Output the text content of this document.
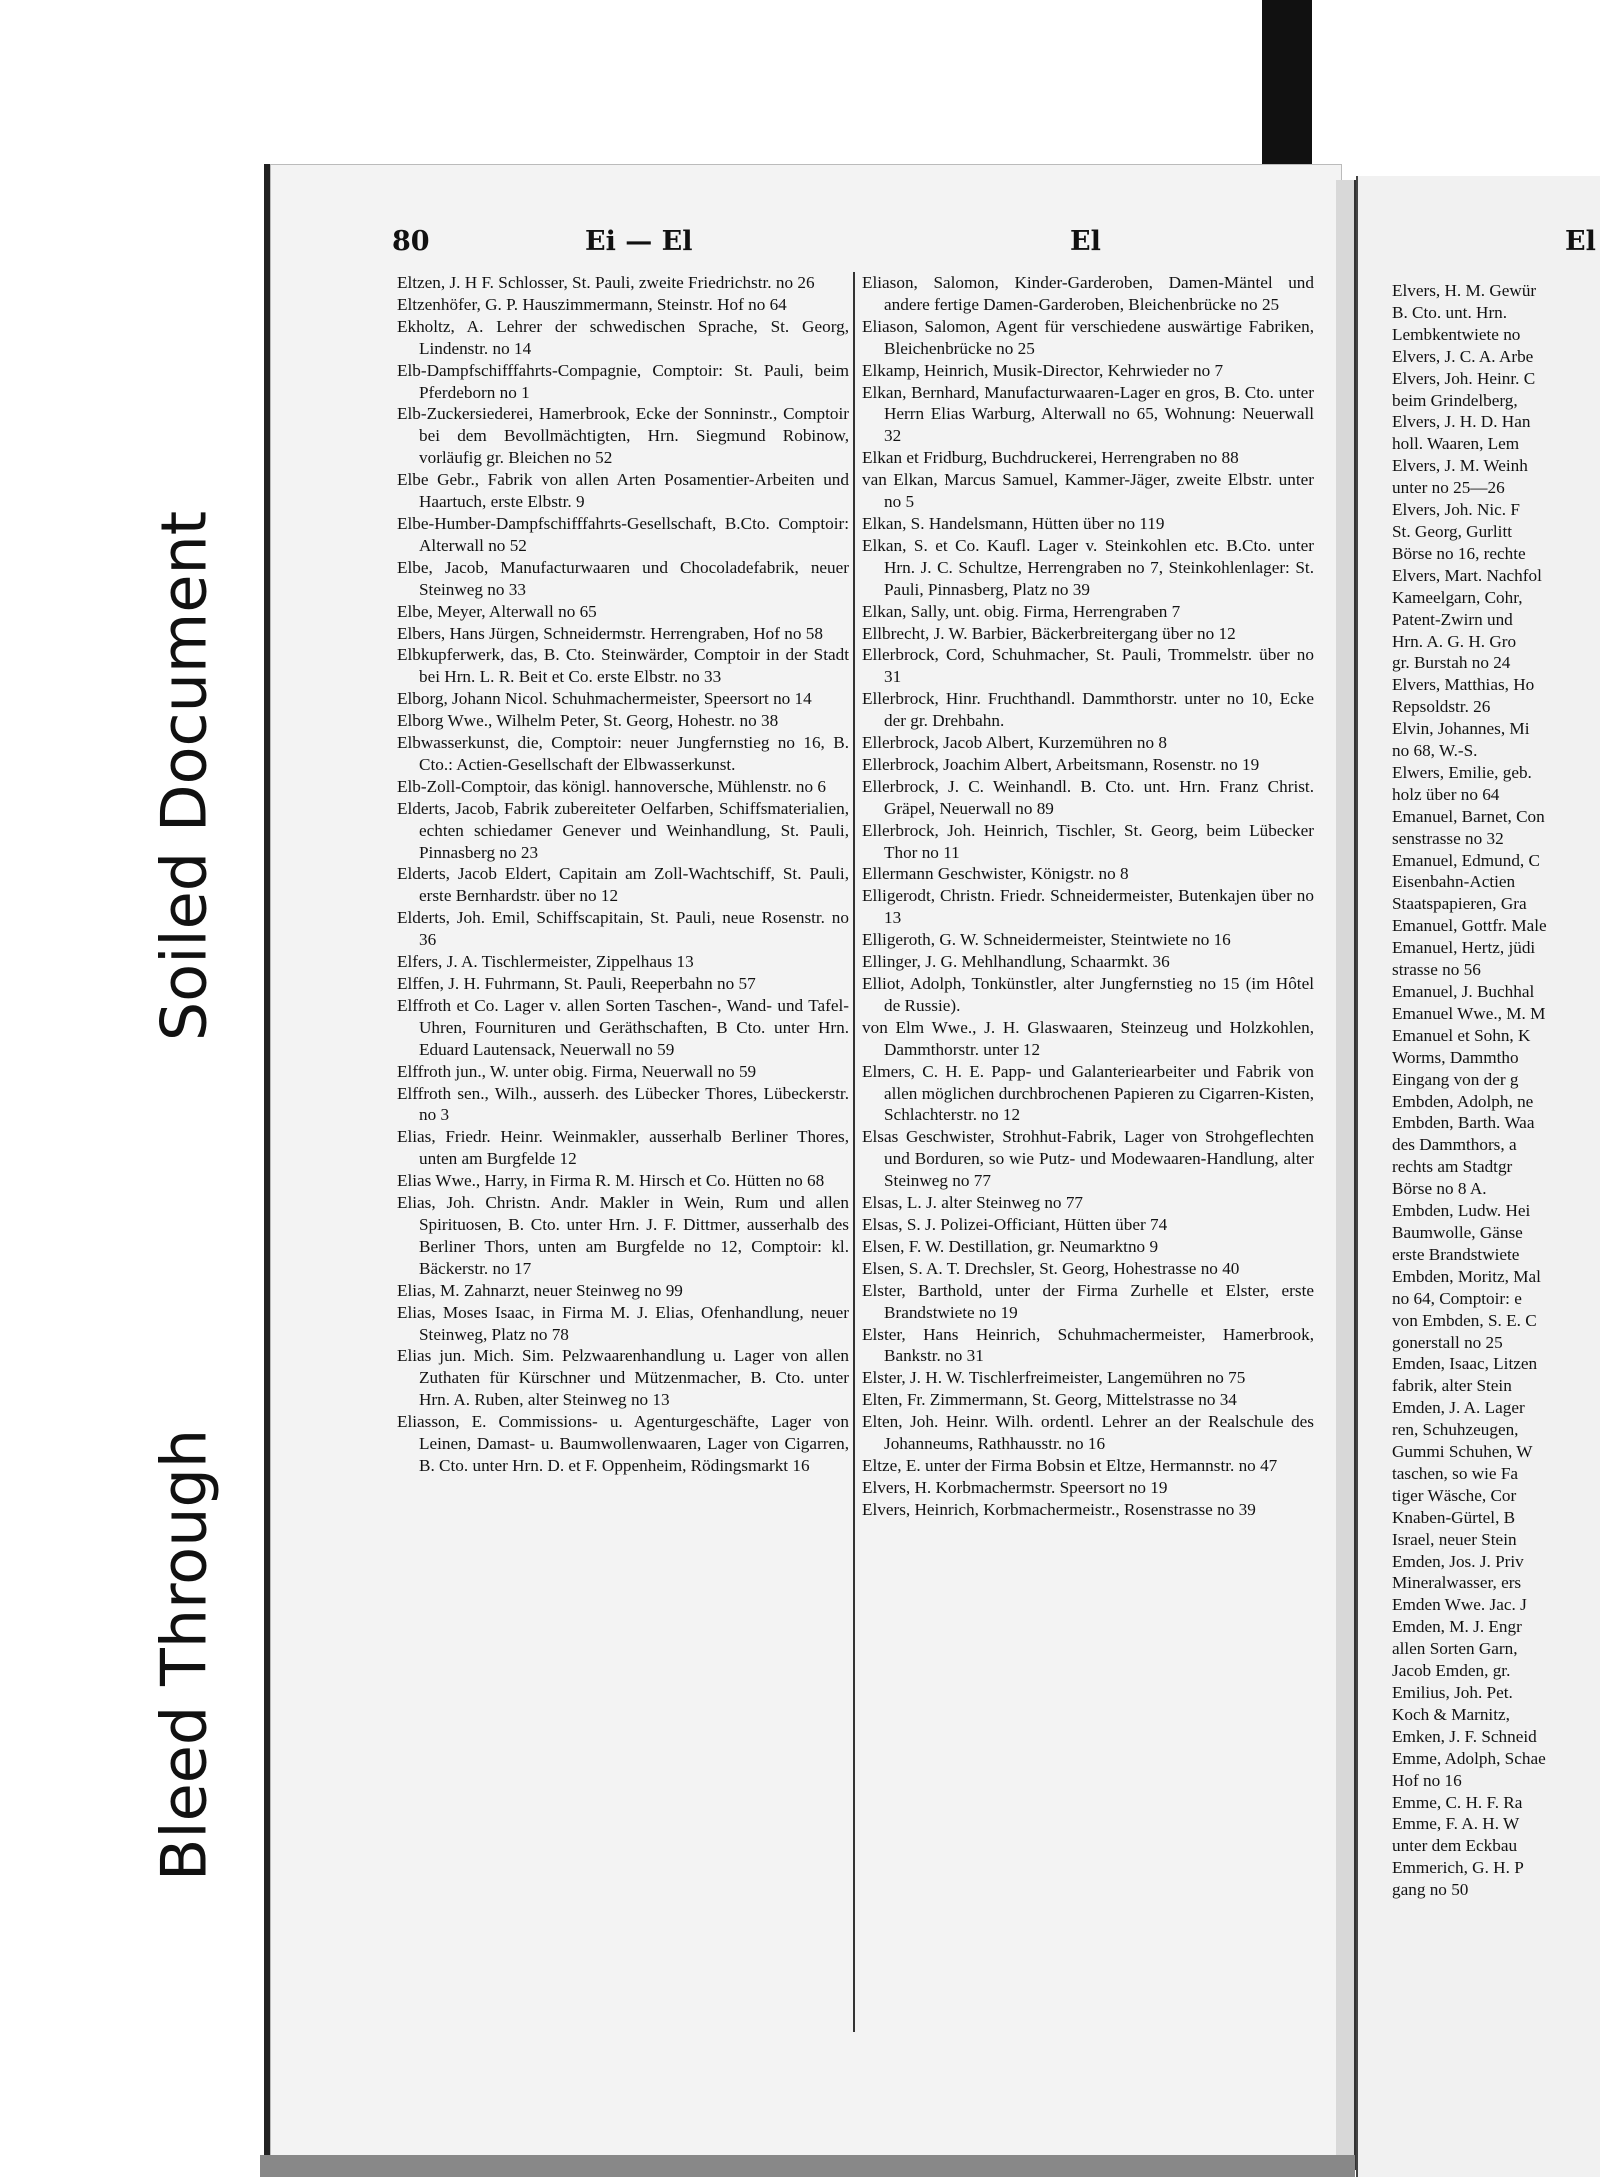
Soiled Document
Bleed Through
80	Ei — El	El	El
Eltzen, J. H F. Schlosser, St. Pauli, zweite Friedrichstr. no 26
Eltzenhöfer, G. P. Hauszimmermann, Steinstr. Hof no 64
Ekholtz, A. Lehrer der schwedischen Sprache, St. Georg, Lindenstr. no 14
Elb-Dampfschifffahrts-Compagnie, Comptoir: St. Pauli, beim Pferdeborn no 1
Elb-Zuckersiederei, Hamerbrook, Ecke der Sonninstr., Comptoir bei dem Bevollmächtigten, Hrn. Siegmund Robinow, vorläufig gr. Bleichen no 52
Elbe Gebr., Fabrik von allen Arten Posamentier-Arbeiten und Haartuch, erste Elbstr. 9
Elbe-Humber-Dampfschifffahrts-Gesellschaft, B.Cto. Comptoir: Alterwall no 52
Elbe, Jacob, Manufacturwaaren und Chocoladefabrik, neuer Steinweg no 33
Elbe, Meyer, Alterwall no 65
Elbers, Hans Jürgen, Schneidermstr. Herrengraben, Hof no 58
Elbkupferwerk, das, B. Cto. Steinwärder, Comptoir in der Stadt bei Hrn. L. R. Beit et Co. erste Elbstr. no 33
Elborg, Johann Nicol. Schuhmachermeister, Speersort no 14
Elborg Wwe., Wilhelm Peter, St. Georg, Hohestr. no 38
Elbwasserkunst, die, Comptoir: neuer Jungfernstieg no 16, B. Cto.: Actien-Gesellschaft der Elbwasserkunst.
Elb-Zoll-Comptoir, das königl. hannoversche, Mühlenstr. no 6
Elderts, Jacob, Fabrik zubereiteter Oelfarben, Schiffsmaterialien, echten schiedamer Genever und Weinhandlung, St. Pauli, Pinnasberg no 23
Elderts, Jacob Eldert, Capitain am Zoll-Wachtschiff, St. Pauli, erste Bernhardstr. über no 12
Elderts, Joh. Emil, Schiffscapitain, St. Pauli, neue Rosenstr. no 36
Elfers, J. A. Tischlermeister, Zippelhaus 13
Elffen, J. H. Fuhrmann, St. Pauli, Reeperbahn no 57
Elffroth et Co. Lager v. allen Sorten Taschen-, Wand- und Tafel-Uhren, Fournituren und Geräthschaften, B Cto. unter Hrn. Eduard Lautensack, Neuerwall no 59
Elffroth jun., W. unter obig. Firma, Neuerwall no 59
Elffroth sen., Wilh., ausserh. des Lübecker Thores, Lübeckerstr. no 3
Elias, Friedr. Heinr. Weinmakler, ausserhalb Berliner Thores, unten am Burgfelde 12
Elias Wwe., Harry, in Firma R. M. Hirsch et Co. Hütten no 68
Elias, Joh. Christn. Andr. Makler in Wein, Rum und allen Spirituosen, B. Cto. unter Hrn. J. F. Dittmer, ausserhalb des Berliner Thors, unten am Burgfelde no 12, Comptoir: kl. Bäckerstr. no 17
Elias, M. Zahnarzt, neuer Steinweg no 99
Elias, Moses Isaac, in Firma M. J. Elias, Ofenhandlung, neuer Steinweg, Platz no 78
Elias jun. Mich. Sim. Pelzwaarenhandlung u. Lager von allen Zuthaten für Kürschner und Mützenmacher, B. Cto. unter Hrn. A. Ruben, alter Steinweg no 13
Eliasson, E. Commissions- u. Agenturgeschäfte, Lager von Leinen, Damast- u. Baumwollenwaaren, Lager von Cigarren, B. Cto. unter Hrn. D. et F. Oppenheim, Rödingsmarkt 16
Eliason, Salomon, Kinder-Garderoben, Damen-Mäntel und andere fertige Damen-Garderoben, Bleichenbrücke no 25
Eliason, Salomon, Agent für verschiedene auswärtige Fabriken, Bleichenbrücke no 25
Elkamp, Heinrich, Musik-Director, Kehrwieder no 7
Elkan, Bernhard, Manufacturwaaren-Lager en gros, B. Cto. unter Herrn Elias Warburg, Alterwall no 65, Wohnung: Neuerwall 32
Elkan et Fridburg, Buchdruckerei, Herrengraben no 88
van Elkan, Marcus Samuel, Kammer-Jäger, zweite Elbstr. unter no 5
Elkan, S. Handelsmann, Hütten über no 119
Elkan, S. et Co. Kaufl. Lager v. Steinkohlen etc. B.Cto. unter Hrn. J. C. Schultze, Herrengraben no 7, Steinkohlenlager: St. Pauli, Pinnasberg, Platz no 39
Elkan, Sally, unt. obig. Firma, Herrengraben 7
Ellbrecht, J. W. Barbier, Bäckerbreitergang über no 12
Ellerbrock, Cord, Schuhmacher, St. Pauli, Trommelstr. über no 31
Ellerbrock, Hinr. Fruchthandl. Dammthorstr. unter no 10, Ecke der gr. Drehbahn.
Ellerbrock, Jacob Albert, Kurzemühren no 8
Ellerbrock, Joachim Albert, Arbeitsmann, Rosenstr. no 19
Ellerbrock, J. C. Weinhandl. B. Cto. unt. Hrn. Franz Christ. Gräpel, Neuerwall no 89
Ellerbrock, Joh. Heinrich, Tischler, St. Georg, beim Lübecker Thor no 11
Ellermann Geschwister, Königstr. no 8
Elligerodt, Christn. Friedr. Schneidermeister, Butenkajen über no 13
Elligeroth, G. W. Schneidermeister, Steintwiete no 16
Ellinger, J. G. Mehlhandlung, Schaarmkt. 36
Elliot, Adolph, Tonkünstler, alter Jungfernstieg no 15 (im Hôtel de Russie).
von Elm Wwe., J. H. Glaswaaren, Steinzeug und Holzkohlen, Dammthorstr. unter 12
Elmers, C. H. E. Papp- und Galanteriearbeiter und Fabrik von allen möglichen durchbrochenen Papieren zu Cigarren-Kisten, Schlachterstr. no 12
Elsas Geschwister, Strohhut-Fabrik, Lager von Strohgeflechten und Borduren, so wie Putz- und Modewaaren-Handlung, alter Steinweg no 77
Elsas, L. J. alter Steinweg no 77
Elsas, S. J. Polizei-Officiant, Hütten über 74
Elsen, F. W. Destillation, gr. Neumarktno 9
Elsen, S. A. T. Drechsler, St. Georg, Hohestrasse no 40
Elster, Barthold, unter der Firma Zurhelle et Elster, erste Brandstwiete no 19
Elster, Hans Heinrich, Schuhmachermeister, Hamerbrook, Bankstr. no 31
Elster, J. H. W. Tischlerfreimeister, Langemühren no 75
Elten, Fr. Zimmermann, St. Georg, Mittelstrasse no 34
Elten, Joh. Heinr. Wilh. ordentl. Lehrer an der Realschule des Johanneums, Rathhausstr. no 16
Eltze, E. unter der Firma Bobsin et Eltze, Hermannstr. no 47
Elvers, H. Korbmachermstr. Speersort no 19
Elvers, Heinrich, Korbmachermeistr., Rosenstrasse no 39
Elvers, H. M. Gewür
B. Cto. unt. Hrn.
Lembkentwiete no
Elvers, J. C. A. Arbe
Elvers, Joh. Heinr. C
beim Grindelberg,
Elvers, J. H. D. Han
holl. Waaren, Lem
Elvers, J. M. Weinh
unter no 25—26
Elvers, Joh. Nic. F
St. Georg, Gurlitt
Börse no 16, rechte
Elvers, Mart. Nachfol
Kameelgarn, Cohr,
Patent-Zwirn und
Hrn. A. G. H. Gro
gr. Burstah no 24
Elvers, Matthias, Ho
Repsoldstr. 26
Elvin, Johannes, Mi
no 68, W.-S.
Elwers, Emilie, geb.
holz über no 64
Emanuel, Barnet, Con
senstrasse no 32
Emanuel, Edmund, C
Eisenbahn-Actien
Staatspapieren, Gra
Emanuel, Gottfr. Male
Emanuel, Hertz, jüdi
strasse no 56
Emanuel, J. Buchhal
Emanuel Wwe., M. M
Emanuel et Sohn, K
Worms, Dammtho
Eingang von der g
Embden, Adolph, ne
Embden, Barth. Waa
des Dammthors, a
rechts am Stadtgr
Börse no 8 A.
Embden, Ludw. Hei
Baumwolle, Gänse
erste Brandstwiete
Embden, Moritz, Mal
no 64, Comptoir: e
von Embden, S. E. C
gonerstall no 25
Emden, Isaac, Litzen
fabrik, alter Stein
Emden, J. A. Lager
ren, Schuhzeugen,
Gummi Schuhen, W
taschen, so wie Fa
tiger Wäsche, Cor
Knaben-Gürtel, B
Israel, neuer Stein
Emden, Jos. J. Priv
Mineralwasser, ers
Emden Wwe. Jac. J
Emden, M. J. Engr
allen Sorten Garn,
Jacob Emden, gr.
Emilius, Joh. Pet.
Koch & Marnitz,
Emken, J. F. Schneid
Emme, Adolph, Schae
Hof no 16
Emme, C. H. F. Ra
Emme, F. A. H. W
unter dem Eckbau
Emmerich, G. H. P
gang no 50
